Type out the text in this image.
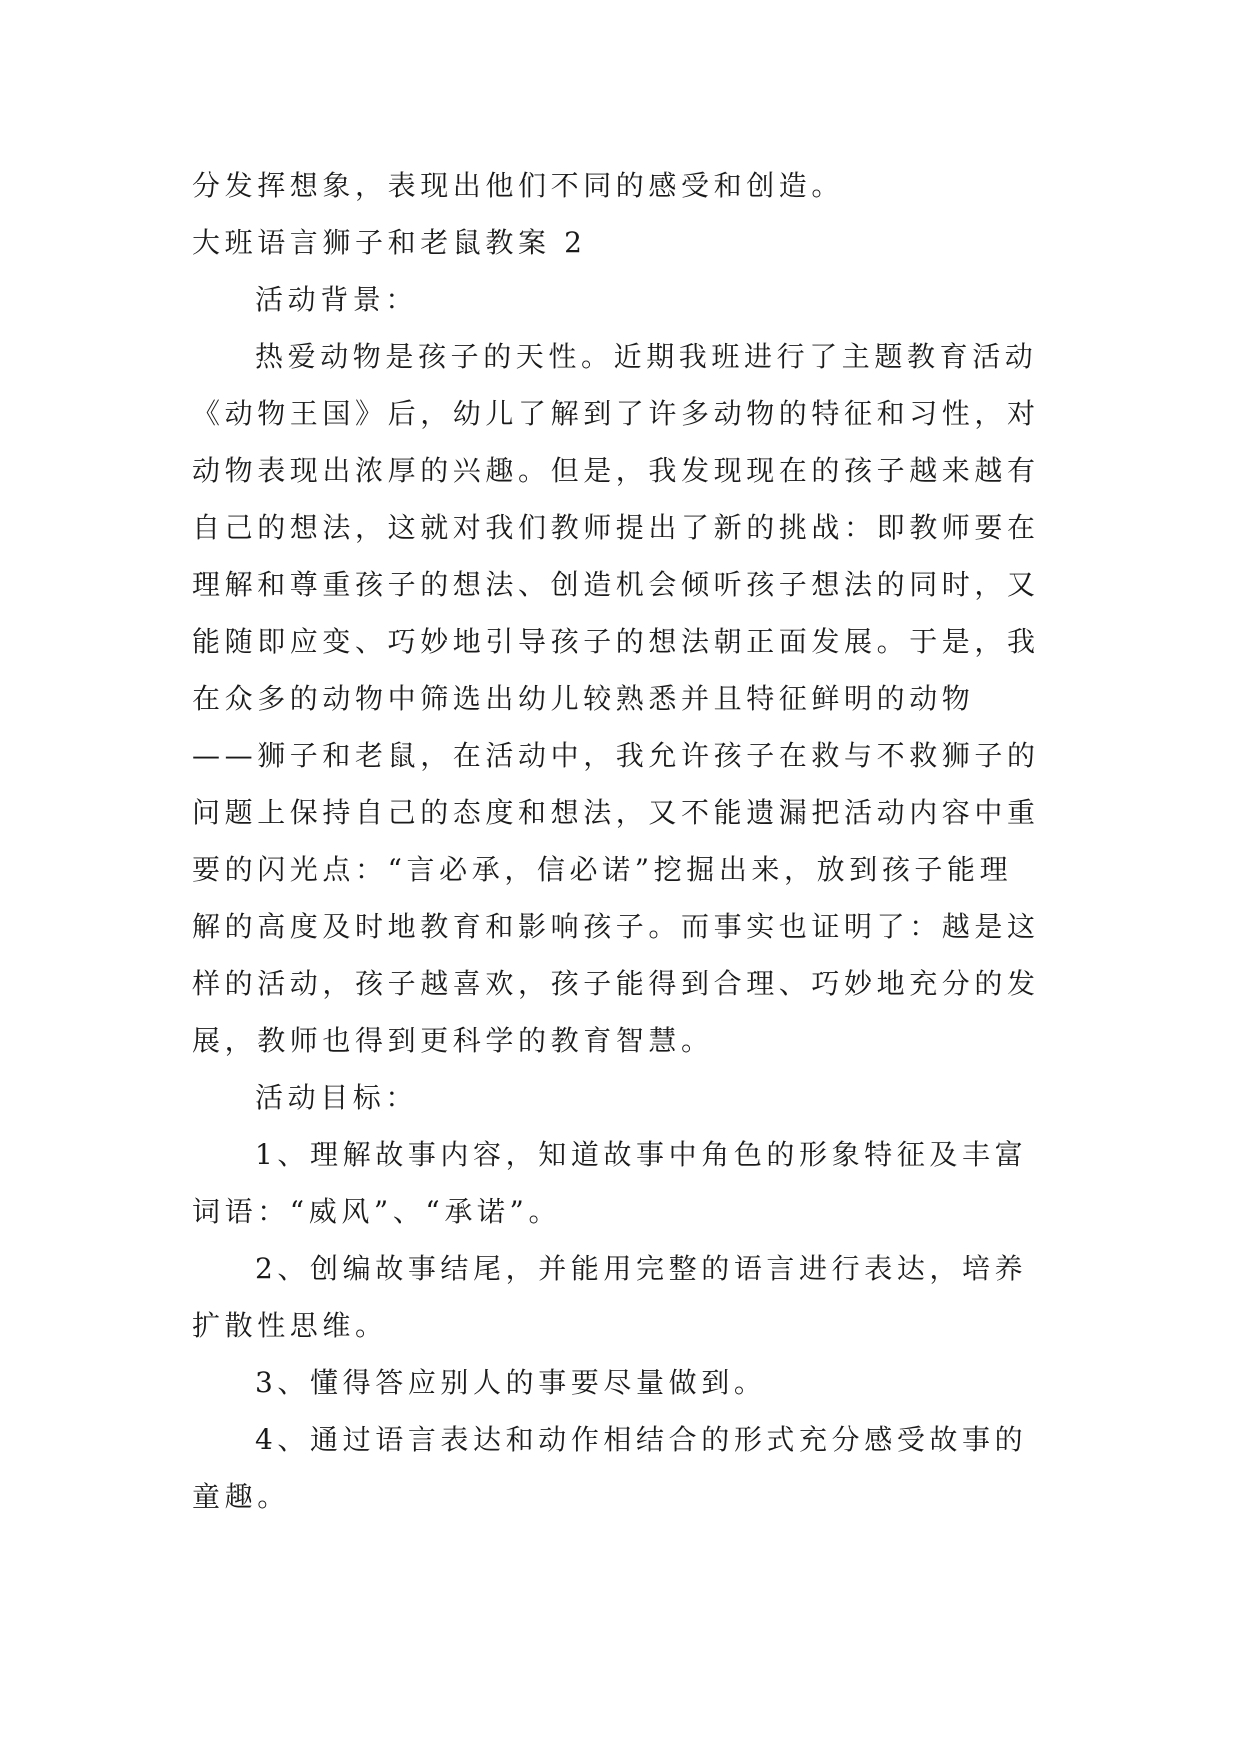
分发挥想象，表现出他们不同的感受和创造。
大班语言狮子和老鼠教案 2
活动背景：
热爱动物是孩子的天性。近期我班进行了主题教育活动
《动物王国》后，幼儿了解到了许多动物的特征和习性，对
动物表现出浓厚的兴趣。但是，我发现现在的孩子越来越有
自己的想法，这就对我们教师提出了新的挑战：即教师要在
理解和尊重孩子的想法、创造机会倾听孩子想法的同时，又
能随即应变、巧妙地引导孩子的想法朝正面发展。于是，我
在众多的动物中筛选出幼儿较熟悉并且特征鲜明的动物
——狮子和老鼠，在活动中，我允许孩子在救与不救狮子的
问题上保持自己的态度和想法，又不能遗漏把活动内容中重
要的闪光点：“言必承，信必诺”挖掘出来，放到孩子能理
解的高度及时地教育和影响孩子。而事实也证明了：越是这
样的活动，孩子越喜欢，孩子能得到合理、巧妙地充分的发
展，教师也得到更科学的教育智慧。
活动目标：
1、理解故事内容，知道故事中角色的形象特征及丰富
词语：“威风”、“承诺”。
2、创编故事结尾，并能用完整的语言进行表达，培养
扩散性思维。
3、懂得答应别人的事要尽量做到。
4、通过语言表达和动作相结合的形式充分感受故事的
童趣。
